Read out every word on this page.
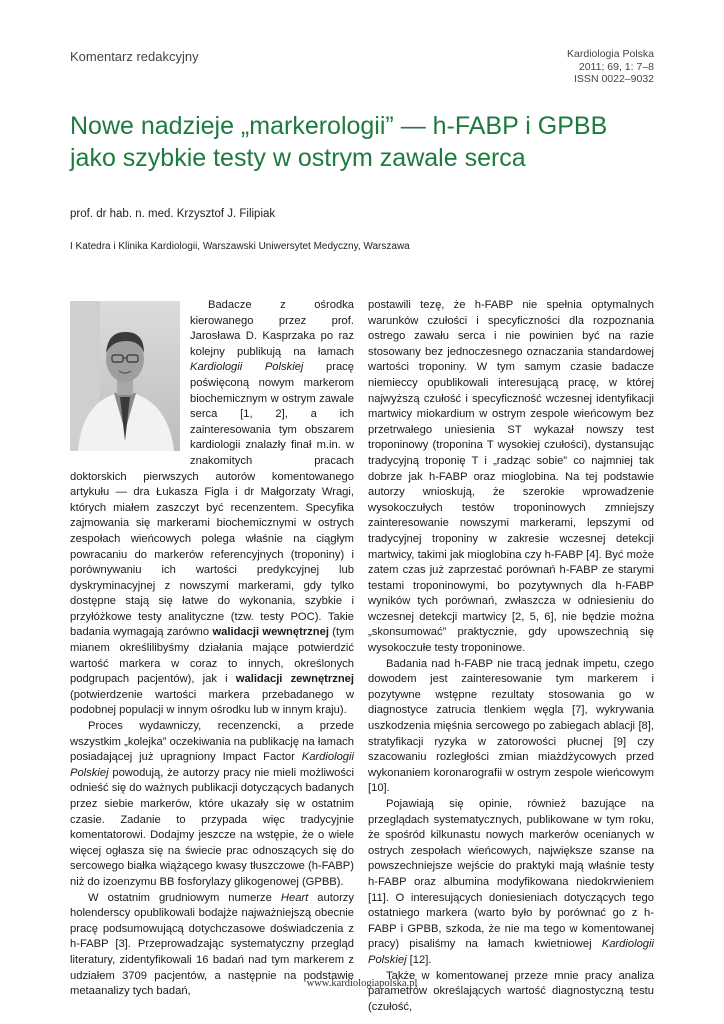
Komentarz redakcyjny	Kardiologia Polska
2011; 69, 1: 7–8
ISSN 0022–9032
Nowe nadzieje „markerologii” — h-FABP i GPBB
jako szybkie testy w ostrym zawale serca
prof. dr hab. n. med. Krzysztof J. Filipiak
I Katedra i Klinika Kardiologii, Warszawski Uniwersytet Medyczny, Warszawa

Badacze z ośrodka kierowanego przez prof. Jarosława D. Kasprzaka po raz kolejny publikują na łamach Kardiologii Polskiej pracę poświęconą nowym markerom biochemicznym w ostrym zawale serca [1, 2], a ich zainteresowania tym obszarem kardiologii znalazły finał m.in. w znakomitych pracach doktorskich pierwszych autorów komentowanego artykułu — dra Łukasza Figla i dr Małgorzaty Wragi, których miałem zaszczyt być recenzentem. Specyfika zajmowania się markerami biochemicznymi w ostrych zespołach wieńcowych polega właśnie na ciągłym powracaniu do markerów referencyjnych (troponiny) i porównywaniu ich wartości predykcyjnej lub dyskryminacyjnej z nowszymi markerami, gdy tylko dostępne stają się łatwe do wykonania, szybkie i przyłóżkowe testy analityczne (tzw. testy POC). Takie badania wymagają zarówno walidacji wewnętrznej (tym mianem określilibyśmy działania mające potwierdzić wartość markera w coraz to innych, określonych podgrupach pacjentów), jak i walidacji zewnętrznej (potwierdzenie wartości markera przebadanego w podobnej populacji w innym ośrodku lub w innym kraju).

Proces wydawniczy, recenzencki, a przede wszystkim „kolejka” oczekiwania na publikację na łamach posiadającej już upragniony Impact Factor Kardiologii Polskiej powodują, że autorzy pracy nie mieli możliwości odnieść się do ważnych publikacji dotyczących badanych przez siebie markerów, które ukazały się w ostatnim czasie. Zadanie to przypada więc tradycyjnie komentatorowi. Dodajmy jeszcze na wstępie, że o wiele więcej ogłasza się na świecie prac odnoszących się do sercowego białka wiążącego kwasy tłuszczowe (h-FABP) niż do izoenzymu BB fosforylazy glikogenowej (GPBB).

W ostatnim grudniowym numerze Heart autorzy holenderscy opublikowali bodajże najważniejszą obecnie pracę podsumowującą dotychczasowe doświadczenia z h-FABP [3]. Przeprowadzając systematyczny przegląd literatury, zidentyfikowali 16 badań nad tym markerem z udziałem 3709 pacjentów, a następnie na podstawie metaanalizy tych badań,

postawili tezę, że h-FABP nie spełnia optymalnych warunków czułości i specyficzności dla rozpoznania ostrego zawału serca i nie powinien być na razie stosowany bez jednoczesnego oznaczania standardowej wartości troponiny. W tym samym czasie badacze niemieccy opublikowali interesującą pracę, w której najwyższą czułość i specyficzność wczesnej identyfikacji martwicy miokardium w ostrym zespole wieńcowym bez przetrwałego uniesienia ST wykazał nowszy test troponinowy (troponina T wysokiej czułości), dystansując tradycyjną troponię T i „radząc sobie” co najmniej tak dobrze jak h-FABP oraz mioglobina. Na tej podstawie autorzy wnioskują, że szerokie wprowadzenie wysokoczułych testów troponinowych zmniejszy zainteresowanie nowszymi markerami, lepszymi od tradycyjnej troponiny w zakresie wczesnej detekcji martwicy, takimi jak mioglobina czy h-FABP [4]. Być może zatem czas już zaprzestać porównań h-FABP ze starymi testami troponinowymi, bo pozytywnych dla h-FABP wyników tych porównań, zwłaszcza w odniesieniu do wczesnej detekcji martwicy [2, 5, 6], nie będzie można „skonsumować” praktycznie, gdy upowszechnią się wysokoczułe testy troponinowe.

Badania nad h-FABP nie tracą jednak impetu, czego dowodem jest zainteresowanie tym markerem i pozytywne wstępne rezultaty stosowania go w diagnostyce zatrucia tlenkiem węgla [7], wykrywania uszkodzenia mięśnia sercowego po zabiegach ablacji [8], stratyfikacji ryzyka w zatorowości płucnej [9] czy szacowaniu rozległości zmian miażdżycowych przed wykonaniem koronarografii w ostrym zespole wieńcowym [10].

Pojawiają się opinie, również bazujące na przeglądach systematycznych, publikowane w tym roku, że spośród kilkunastu nowych markerów ocenianych w ostrych zespołach wieńcowych, największe szanse na powszechniejsze wejście do praktyki mają właśnie testy h-FABP oraz albumina modyfikowana niedokrwieniem [11]. O interesujących doniesieniach dotyczących tego ostatniego markera (warto było by porównać go z h-FABP i GPBB, szkoda, że nie ma tego w komentowanej pracy) pisaliśmy na łamach kwietniowej Kardiologii Polskiej [12].

Także w komentowanej przeze mnie pracy analiza parametrów określających wartość diagnostyczną testu (czułość,

www.kardiologiapolska.pl
